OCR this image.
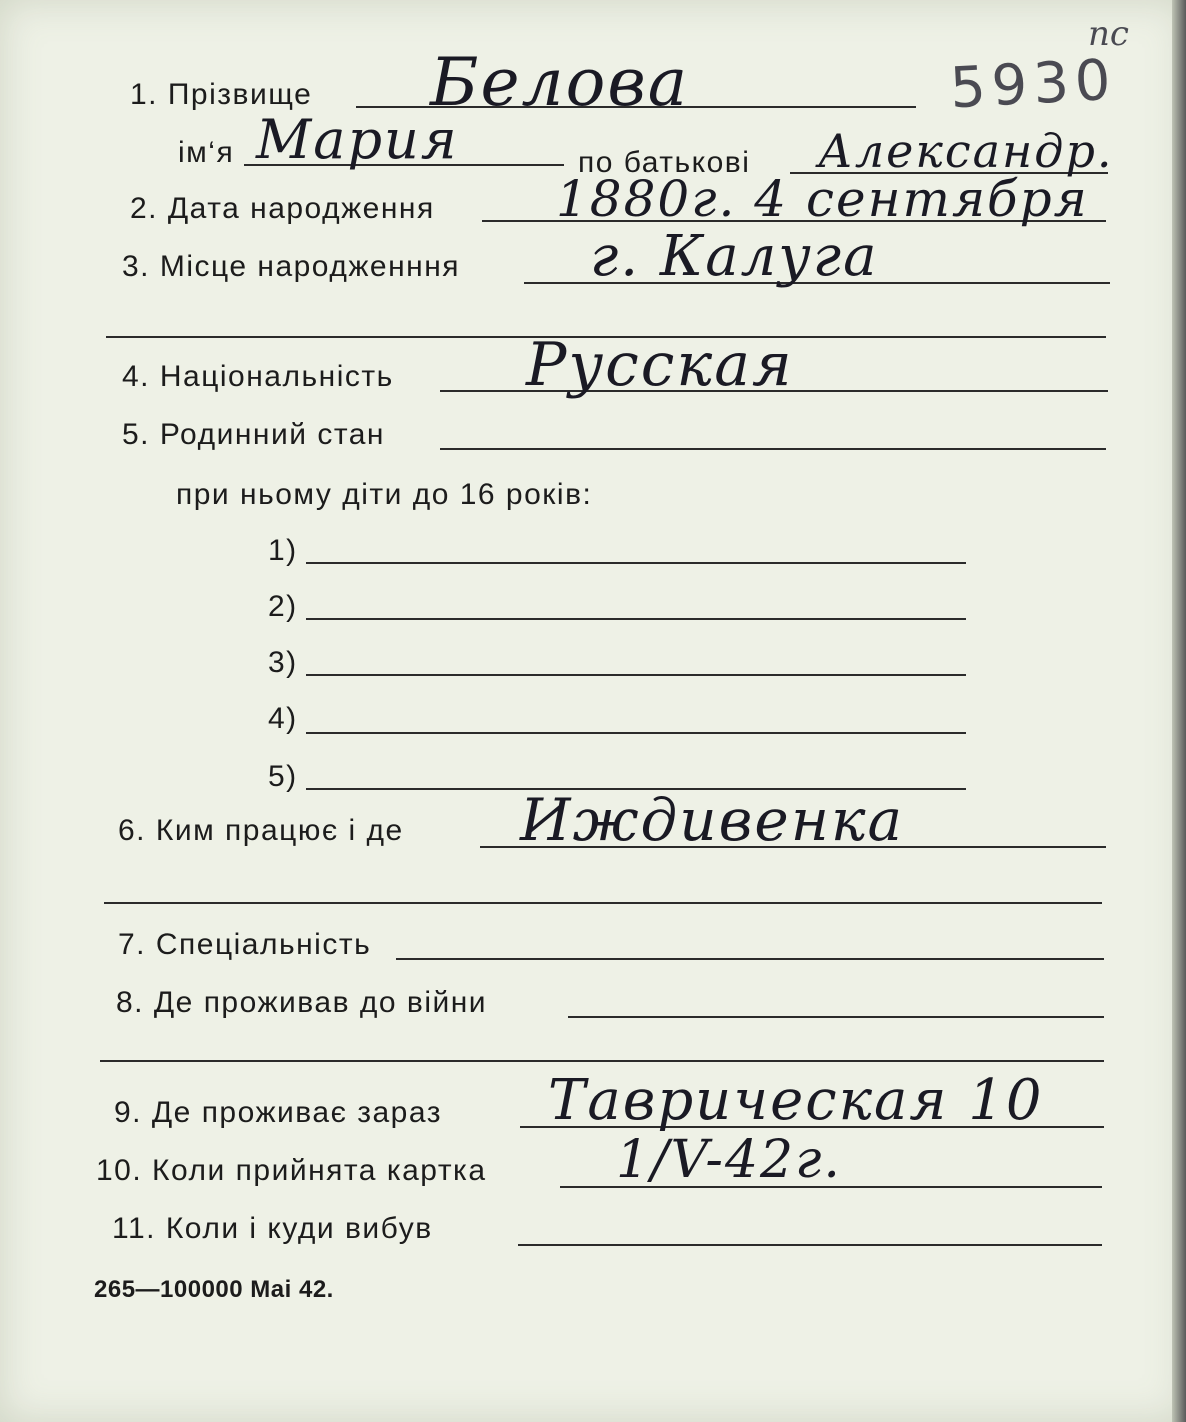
пс
5930
1. Прізвище Белова
ім‘я Мария	по батькові Александр.
2. Дата народження 1880г. 4 сентября
3. Місце народженння г. Калуга
4. Національність Русская
5. Родинний стан
при ньому діти до 16 років:
1)
2)
3)
4)
5)
6. Ким працює і де Иждивенка
7. Спеціальність
8. Де проживав до війни
9. Де проживає зараз Таврическая 10
10. Коли прийнята картка 1/V-42г.
11. Коли і куди вибув
265—100000 Mai 42.
